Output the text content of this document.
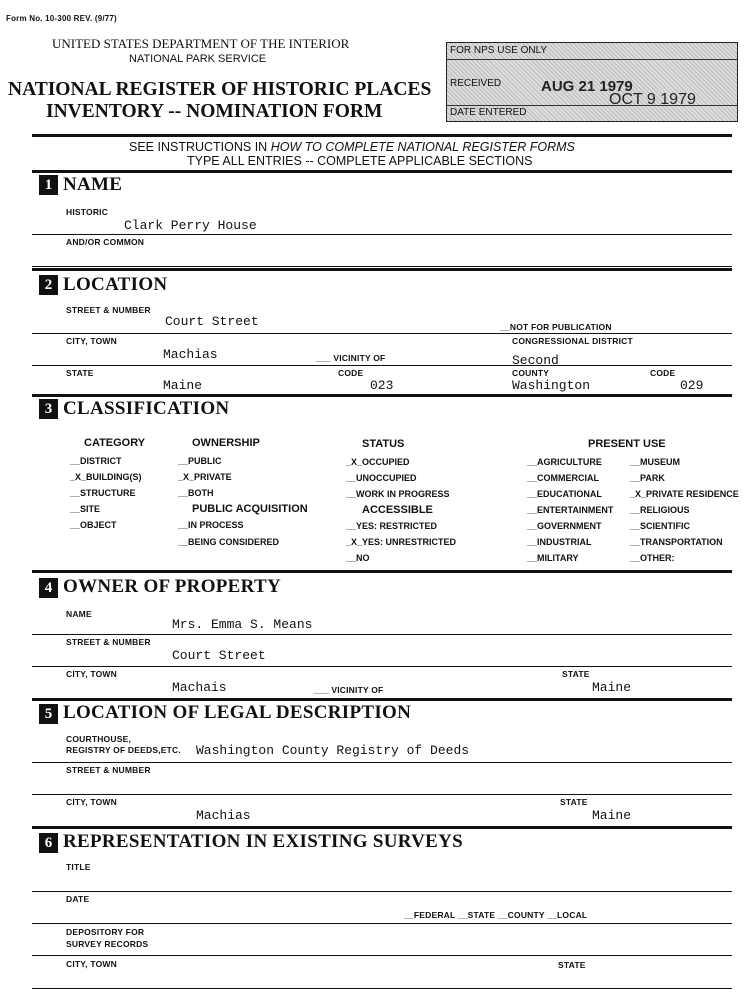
Form No. 10-300 REV. (9/77)
UNITED STATES DEPARTMENT OF THE INTERIOR
NATIONAL PARK SERVICE
NATIONAL REGISTER OF HISTORIC PLACES
INVENTORY -- NOMINATION FORM
FOR NPS USE ONLY
RECEIVED	AUG 21 1979
DATE ENTERED
OCT 9 1979
SEE INSTRUCTIONS IN HOW TO COMPLETE NATIONAL REGISTER FORMS
TYPE ALL ENTRIES -- COMPLETE APPLICABLE SECTIONS
1 NAME
HISTORIC
Clark Perry House
AND/OR COMMON
2 LOCATION
STREET & NUMBER
Court Street	__NOT FOR PUBLICATION
CITY, TOWN	CONGRESSIONAL DISTRICT
Machias	___ VICINITY OF	Second
STATE	CODE	COUNTY	CODE
Maine	023	Washington	029
3 CLASSIFICATION
CATEGORY
__DISTRICT
_X_BUILDING(S)
__STRUCTURE
__SITE
__OBJECT
OWNERSHIP
__PUBLIC
_X_PRIVATE
__BOTH
PUBLIC ACQUISITION
__IN PROCESS
__BEING CONSIDERED
STATUS
_X_OCCUPIED
__UNOCCUPIED
__WORK IN PROGRESS
ACCESSIBLE
__YES: RESTRICTED
_X_YES: UNRESTRICTED
__NO
PRESENT USE
__AGRICULTURE
__COMMERCIAL
__EDUCATIONAL
__ENTERTAINMENT
__GOVERNMENT
__INDUSTRIAL
__MILITARY
__MUSEUM
__PARK
_X_PRIVATE RESIDENCE
__RELIGIOUS
__SCIENTIFIC
__TRANSPORTATION
__OTHER:
4 OWNER OF PROPERTY
NAME
Mrs. Emma S. Means
STREET & NUMBER
Court Street
CITY, TOWN	STATE
Machais	___ VICINITY OF	Maine
5 LOCATION OF LEGAL DESCRIPTION
COURTHOUSE,
REGISTRY OF DEEDS,ETC. Washington County Registry of Deeds
STREET & NUMBER
CITY, TOWN	STATE
Machias	Maine
6 REPRESENTATION IN EXISTING SURVEYS
TITLE
DATE
__FEDERAL __STATE __COUNTY __LOCAL
DEPOSITORY FOR
SURVEY RECORDS
CITY, TOWN	STATE
